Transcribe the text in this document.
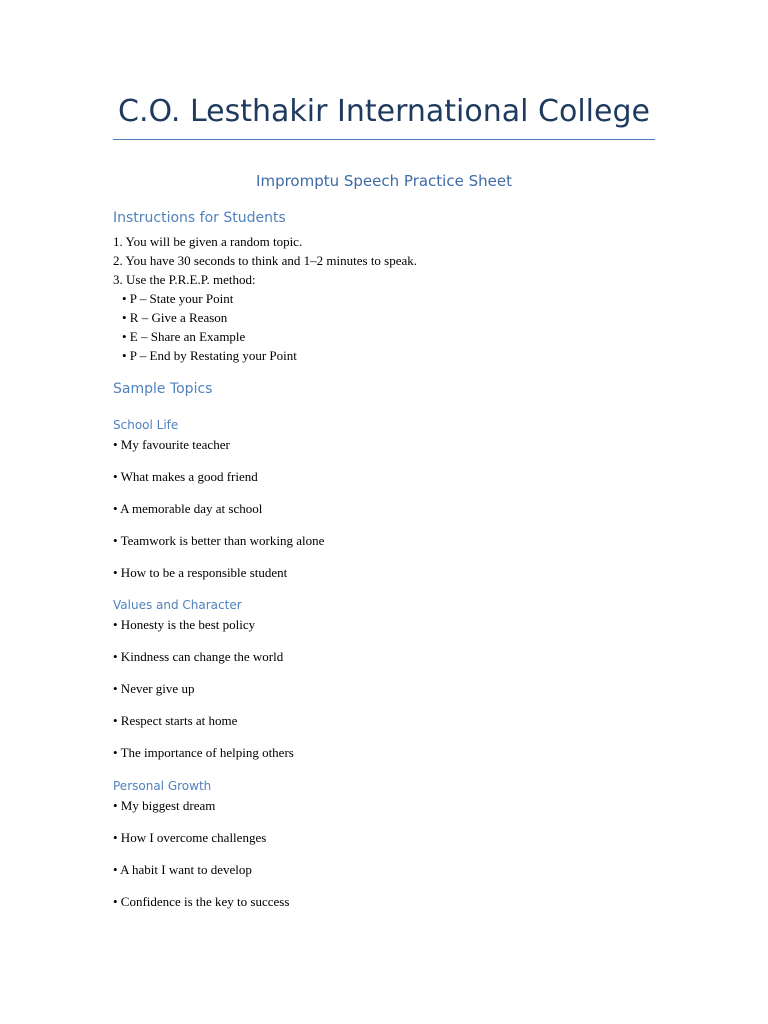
C.O. Lesthakir International College
Impromptu Speech Practice Sheet
Instructions for Students
1. You will be given a random topic.
2. You have 30 seconds to think and 1–2 minutes to speak.
3. Use the P.R.E.P. method:
• P – State your Point
• R – Give a Reason
• E – Share an Example
• P – End by Restating your Point
Sample Topics
School Life
• My favourite teacher
• What makes a good friend
• A memorable day at school
• Teamwork is better than working alone
• How to be a responsible student
Values and Character
• Honesty is the best policy
• Kindness can change the world
• Never give up
• Respect starts at home
• The importance of helping others
Personal Growth
• My biggest dream
• How I overcome challenges
• A habit I want to develop
• Confidence is the key to success
